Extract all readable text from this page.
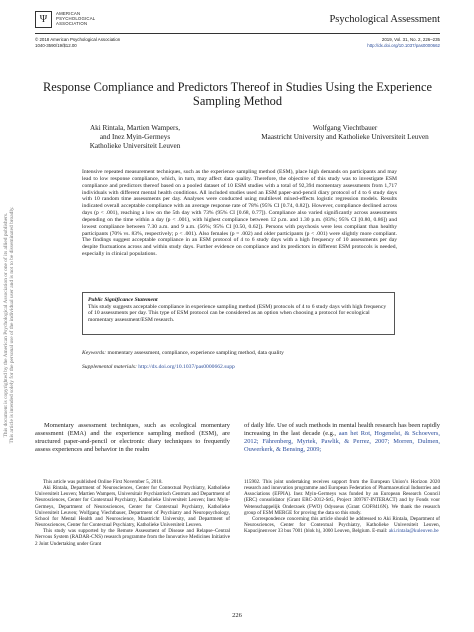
This document is copyrighted by the American Psychological Association or one of its allied publishers. This article is intended solely for the personal use of the individual user and is not to be disseminated broadly.
Ψ
AMERICAN
PSYCHOLOGICAL
ASSOCIATION	Psychological Assessment
© 2018 American Psychological Association
1040-3590/19/$12.00
2019, Vol. 31, No. 2, 226–235
http://dx.doi.org/10.1037/pas0000662
Response Compliance and Predictors Thereof in Studies Using the Experience Sampling Method
Aki Rintala, Martien Wampers,
and Inez Myin-Germeys
Katholieke Universiteit Leuven
Wolfgang Viechtbauer
Maastricht University and Katholieke Universiteit Leuven
Intensive repeated measurement techniques, such as the experience sampling method (ESM), place high demands on participants and may lead to low response compliance, which, in turn, may affect data quality. Therefore, the objective of this study was to investigate ESM compliance and predictors thereof based on a pooled dataset of 10 ESM studies with a total of 92,394 momentary assessments from 1,717 individuals with different mental health conditions. All included studies used an ESM paper-and-pencil diary protocol of 4 to 6 study days with 10 random time assessments per day. Analyses were conducted using multilevel mixed-effects logistic regression models. Results indicated overall acceptable compliance with an average response rate of 78% (95% CI [0.74, 0.82]). However, compliance declined across days (p < .001), reaching a low on the 5th day with 73% (95% CI [0.68, 0.77]). Compliance also varied significantly across assessments depending on the time within a day (p < .001), with highest compliance between 12 p.m. and 1.30 p.m. (83%; 95% CI [0.80, 0.86]) and lowest compliance between 7.30 a.m. and 9 a.m. (56%; 95% CI [0.50, 0.62]). Persons with psychosis were less compliant than healthy participants (70% vs. 83%, respectively; p < .001). Also females (p = .002) and older participants (p < .001) were slightly more compliant. The findings suggest acceptable compliance in an ESM protocol of 4 to 6 study days with a high frequency of 10 assessments per day despite fluctuations across and within study days. Further evidence on compliance and its predictors in different ESM protocols is needed, especially in clinical populations.
Public Significance Statement
This study suggests acceptable compliance in experience sampling method (ESM) protocols of 4 to 6 study days with high frequency of 10 assessments per day. This type of ESM protocol can be considered as an option when choosing a protocol for ecological momentary assessment/ESM research.
Keywords: momentary assessment, compliance, experience sampling method, data quality
Supplemental materials: http://dx.doi.org/10.1037/pas0000662.supp
Momentary assessment techniques, such as ecological momentary assessment (EMA) and the experience sampling method (ESM), are structured paper-and-pencil or electronic diary techniques to frequently assess experiences and behavior in the realm
of daily life. Use of such methods in mental health research has been rapidly increasing in the last decade (e.g., aan het Rot, Hogenelst, & Schoevers, 2012; Fährenberg, Myrtek, Pawlik, & Perrez, 2007; Morren, Dulmen, Ouwerkerk, & Bensing, 2009;

This article was published Online First November 5, 2018.

Aki Rintala, Department of Neurosciences, Center for Contextual Psychiatry, Katholieke Universiteit Leuven; Martien Wampers, Universitair Psychiatrisch Centrum and Department of Neurosciences, Center for Contextual Psychiatry, Katholieke Universiteit Leuven; Inez Myin-Germeys, Department of Neurosciences, Center for Contextual Psychiatry, Katholieke Universiteit Leuven; Wolfgang Viechtbauer, Department of Psychiatry and Neuropsychology, School for Mental Health and Neuroscience, Maastricht University, and Department of Neurosciences, Center for Contextual Psychiatry, Katholieke Universiteit Leuven.

This study was supported by the Remote Assessment of Disease and Relapse–Central Nervous System (RADAR-CNS) research programme from the Innovative Medicines Initiative 2 Joint Undertaking under Grant

115902. This joint undertaking receives support from the European Union’s Horizon 2020 research and innovation programme and European Federation of Pharmaceutical Industries and Associations (EFPIA). Inez Myin-Germeys was funded by an European Research Council (ERC) consolidator (Grant ERC-2012-StG, Project 309767-INTERACT) and by Fonds voor Wetenschappelijk Onderzoek (FWO) Odysseus (Grant GOF8416N). We thank the research group of ESM MERGE for proving the data so this study.

Correspondence concerning this article should be addressed to Aki Rintala, Department of Neurosciences, Center for Contextual Psychiatry, Katholieke Universiteit Leuven, Kapucijnenvoer 33 bus 7001 (blok h), 3000 Leuven, Belgium. E-mail: aki.rintala@kuleuven.be

226
